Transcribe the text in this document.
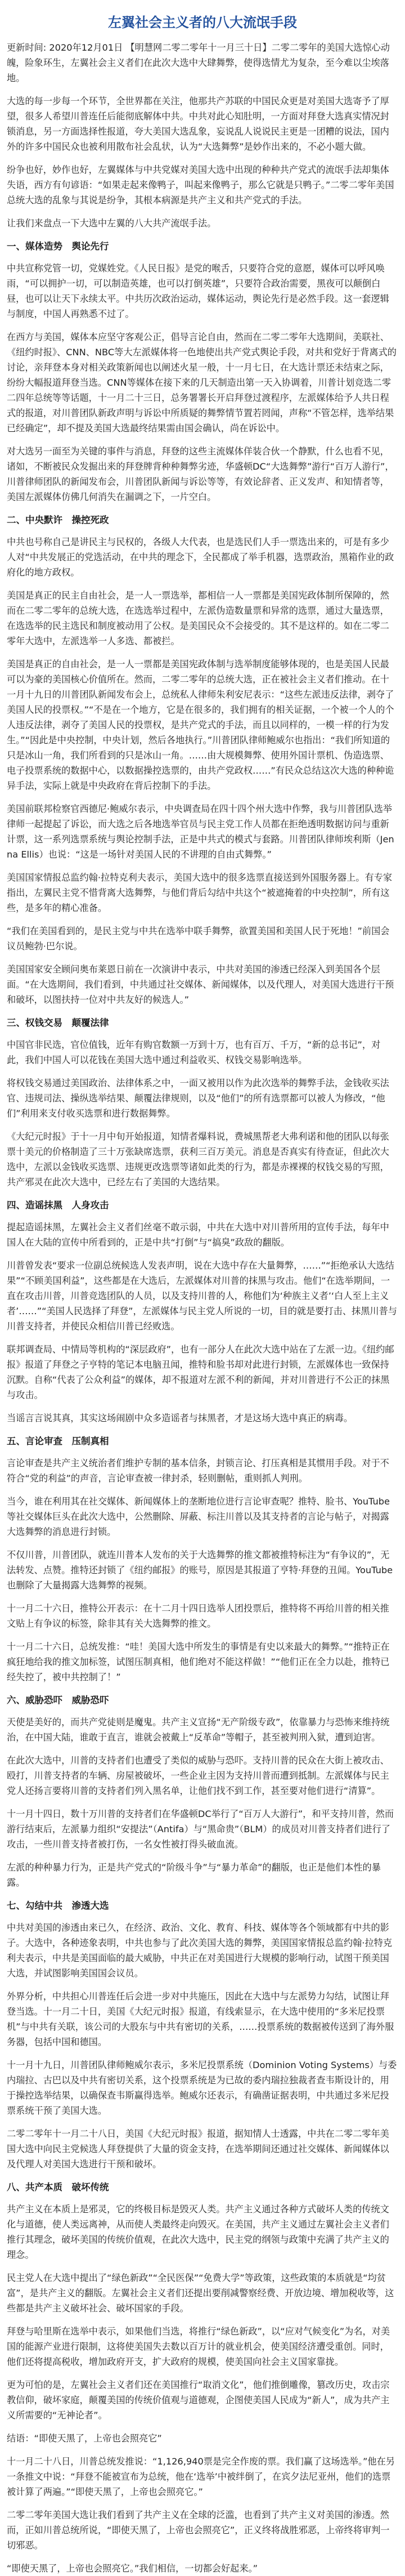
左翼社会主义者的八大流氓手段
更新时间: 2020年12月01日 【明慧网二零二零年十一月三十日】二零二零年的美国大选惊心动魄，险象环生，左翼社会主义者们在此次大选中大肆舞弊，使得选情尤为复杂，至今难以尘埃落地。
大选的每一步每一个环节，全世界都在关注，他那共产苏联的中国民众更是对美国大选寄予了厚望，很多人希望川普连任后能彻底解体中共。中共对此心知肚明，一方面对拜登大选真实情况封锁消息，另一方面选择性报道，夸大美国大选乱象，妄说乱人说说民主更是一团糟的说法，国内外的许多中国民众也被利用散布社会乱状，认为“大选舞弊”是妙作出来的，不必小题大做。
纷争也好，妙作也好，左翼媒体与中共党媒对美国大选中出现的种种共产党式的流氓手法却集体失语，西方有句谚语：“如果走起来像鸭子，叫起来像鸭子，那么它就是只鸭子。”二零二零年美国总统大选的乱象与其说是纷争，其根本病源是共产主义和共产党式的手法。
让我们来盘点一下大选中左翼的八大共产流氓手法。
一、媒体造势　舆论先行
中共宣称党管一切，党媒姓党。《人民日报》是党的喉舌，只要符合党的意愿，媒体可以呼风唤雨，“可以拥护一切，可以制造英雄，也可以打倒英雄”，只要符合政治需要，黑夜可以颠倒白昼，也可以让天下永续太平。中共历次政治运动，媒体运动，舆论先行是必然手段。这一套逻辑与制度，中国人再熟悉不过了。
在西方与美国，媒体本应坚守客观公正，倡导言论自由，然而在二零二零年大选期间，美联社、《纽约时报》、CNN、NBC等大左派媒体将一色地使出共产党式舆论手段，对共和党好于背离式的讨论，亲拜登本身对相关政策新闻也以阐述火星一般，十一月七日，在大选计票还未结束之际，纷纷大幅报道拜登当选。CNN等媒体在接下来的几天制造出第一天入协调着，川普计划竞选二零二四年总统等等话题，十一月二十三日，总务署署长开启拜登过渡程序，左派媒体给予人共日程式的报道，对川普团队新政声明与诉讼中所质疑的舞弊情节置若罔闻，声称“不管怎样，选举结果已经确定”，却不提及美国大选最终结果需由国会确认，尚在诉讼中。
对大选另一面至为关键的事件与消息，拜登的这些主流媒体佯装合伙一个静默，什么也看不见，诸如，不断被民众发掘出来的拜登牌背种种舞弊劣迹，华盛顿DC“大选舞弊”游行“百万人游行”，川普律师团队的新闻发布会，川普团队新闻与诉讼等等，有效论辞者、正义发声、和知情者等，美国左派媒体仿佛几何消失在漏调之下，一片空白。
二、中央默许　操控死政
中共也号称自己是讲民主与民权的，各级人大代表，也是选民们人手一票选出来的，可是有多少人对“中共发展正的党选活动，在中共的理念下，全民都成了举手机器，选票政治，黑箱作业的政府化的地方政权。
美国是真正的民主自由社会，是一人一票选举，都相信一人一票都是美国宪政体制所保障的，然而在二零二零年的总统大选，在选选举过程中，左派伪造数量票和异常的选票，通过大量选票，在选选举的民主选民和制度被动用了公权。是美国民众不会接受的。其不是这样的。如在二零二零年大选中，左派选举一人多选、都被拦。
美国是真正的自由社会，是一人一票都是美国宪政体制与选举制度能够体现的，也是美国人民最可以为豪的美国核心价值所在。然而，二零二零年的总统大选，正在被社会主义者们推动。在十一月十九日的川普团队新闻发布会上，总统私人律师朱利安尼表示：“这些左派违反法律，剥夺了美国人民的投票权。”“不是在一个地方，它是在很多的，我们拥有的相关证据，一个被一个人的个人违反法律，剥夺了美国人民的投票权，是共产党式的手法，而且以同样的，一模一样的行为发生。”“因此是中央控制，中央计划，然后各地执行。”川普团队律师鲍威尔也指出：“我们所知道的只是冰山一角，我们所看到的只是冰山一角。……由大规模舞弊、使用外国计票机、伪造选票、电子投票系统的数据中心，以数据操控选票的，由共产党政权……”有民众总结这次大选的种种诡异手法，实际上就是中央政府在背后控制下的手法。
美国前联邦检察官西德尼·鲍威尔表示，中央调查局在四十四个州大选中作弊，我与川普团队选举律师一起提起了诉讼，而大选之后各地选举官员与民主党工作人员都在拒绝透明数据访问与重新计票，这一系列选票系统与舆论控制手法，正是中共式的模式与套路。川普团队律师埃利斯（Jenna Ellis）也说：“这是一场针对美国人民的不讲理的自由式舞弊。”
美国国家情报总监约翰·拉特克利夫表示，美国大选中的很多选票直接送到外国服务器上。有专家指出，左翼民主党不惜背离大选舞弊，与他们背后勾结中共这个“被遮掩着的中央控制”，所有这些，是多年的精心准备。
“我们在美国看到的，是民主党与中共在选举中联手舞弊，欲置美国和美国人民于死地！”前国会议员鲍勃·巴尔说。
美国国家安全顾问奥布莱恩日前在一次演讲中表示，中共对美国的渗透已经深入到美国各个层面。“在大选期间，我们看到，中共通过社交媒体、新闻媒体，以及代理人，对美国大选进行干预和破坏，以图扶持一位对中共友好的候选人。”
三、权钱交易　颠覆法律
中国官非民选，官位值钱，近年有购官数额一万到十万，也有百万、千万，“新的总书记”，对此，我们中国人可以花钱在美国大选中通过利益收买、权钱交易影响选举。
将权钱交易通过美国政治、法律体系之中，一面又被用以作为此次选举的舞弊手法，金钱收买法官、违规司法、操纵选举结果、颠覆法律规则，以及“他们”的所有选票都可以被人为修改，“他们”利用来支付收买选票和进行数据舞弊。
《大纪元时报》于十一月中旬开始报道，知情者爆料说，费城黑帮老大弗利诺和他的团队以每张票十美元的价格制造了三十万张缺席选票，获利三百万美元。消息是否真实有待查证，但此次大选中，左派以金钱收买选票、违规更改选票等诸如此类的行为，都是赤裸裸的权钱交易的写照，共产邪灵在此次大选中，已经左右了美国的大选结果。
四、造谣抹黑　人身攻击
提起造谣抹黑，左翼社会主义者们丝毫不敢示弱，中共在大选中对川普所用的宣传手法，每年中国人在大陆的宣传中所看到的，正是中共“打倒”与“搞臭”政敌的翻版。
川普曾发表“要求一位副总统候选人发表声明，说在大选中存在大量舞弊，……”“拒绝承认大选结果”“不顾美国利益”，这些都是在大选后，左派媒体对川普的抹黑与攻击。他们“在选举期间，一直在攻击川普，川普竞选团队的人员，以及支持川普的人，称他们为‘种族主义者’‘白人至上主义者’……”“美国人民选择了拜登”，左派媒体与民主党人所说的一切，目的就是要打击、抹黑川普与川普支持者，并使民众相信川普已经败选。
联邦调查局、中情局等机构的“深层政府”，也有一部分人在此次大选中站在了左派一边。《纽约邮报》报道了拜登之子亨特的笔记本电脑丑闻，推特和脸书却对此进行封锁，左派媒体也一致保持沉默。自称“代表了公众利益”的媒体，却不报道对左派不利的新闻，并对川普进行不公正的抹黑与攻击。
当谣言言说其真，其实这场闹剧中众多造谣者与抹黑者，才是这场大选中真正的病毒。
五、言论审查　压制真相
言论审查是共产主义统治者们维护专制的基本信条，封锁言论、打压真相是其惯用手段。对于不符合“党的利益”的声音，言论审查被一律封杀，轻则删帖，重则抓人判刑。
当今，谁在利用其在社交媒体、新闻媒体上的垄断地位进行言论审查呢？推特、脸书、YouTube等社交媒体巨头在此次大选中，公然删除、屏蔽、标注川普以及其支持者的言论与帖子，对揭露大选舞弊的消息进行封锁。
不仅川普，川普团队，就连川普本人发布的关于大选舞弊的推文都被推特标注为“有争议的”，无法转发、点赞。推特还封锁了《纽约邮报》的账号，原因是其报道了亨特·拜登的丑闻。YouTube也删除了大量揭露大选舞弊的视频。
十一月二十六日，推特公开表示：在十二月十四日选举人团投票后，推特将不再给川普的相关推文贴上有争议的标签，除非其有关大选舞弊的推文。
十一月二十六日，总统发推：“哇！美国大选中所发生的事情是有史以来最大的舞弊。”“推特正在疯狂地给我的推文加标签，试图压制真相，他们绝对不能这样做！”“他们正在全力以赴，推特已经失控了，被中共控制了！”
六、威胁恐吓　威胁恐吓
天使是美好的，而共产党徒则是魔鬼。共产主义宣扬“无产阶级专政”，依靠暴力与恐怖来维持统治，在中国大陆，谁敢于直言，谁就会被戴上“反革命”等帽子，甚至被判刑入狱，遭到迫害。
在此次大选中，川普的支持者们也遭受了类似的威胁与恐吓。支持川普的民众在大街上被攻击、殴打，川普支持者的车辆、房屋被破坏，一些企业主因为支持川普而遭到抵制。左派媒体与民主党人还扬言要将川普的支持者们列入黑名单，让他们找不到工作，甚至要对他们进行“清算”。
十一月十四日，数十万川普的支持者们在华盛顿DC举行了“百万人大游行”，和平支持川普，然而游行结束后，左派暴力组织“安提法”（Antifa）与“黑命贵”（BLM）的成员对川普支持者们进行了攻击，一些川普支持者被打伤，一名女性被打得头破血流。
左派的种种暴力行为，正是共产党式的“阶级斗争”与“暴力革命”的翻版，也正是他们本性的暴露。
七、勾结中共　渗透大选
中共对美国的渗透由来已久，在经济、政治、文化、教育、科技、媒体等各个领域都有中共的影子。大选中，各种迹象表明，中共也参与了此次美国大选的舞弊，美国国家情报总监约翰·拉特克利夫表示，中共是美国面临的最大威胁，中共正在对美国进行大规模的影响行动，试图干预美国大选，并试图影响美国国会议员。
外界分析，中共担心川普连任后会进一步对中共施压，因此在大选中与左派势力勾结，试图让拜登当选。十一月二十日，美国《大纪元时报》报道，有线索显示，在大选中使用的“多米尼投票机”与中共有关联，该公司的大股东与中共有密切的关系，……投票系统的数据被传送到了海外服务器，包括中国和德国。
十一月十九日，川普团队律师鲍威尔表示，多米尼投票系统（Dominion Voting Systems）与委内瑞拉、古巴以及中共有密切关系，这个投票系统是为已故的委内瑞拉独裁者查韦斯设计的，用于操控选举结果，以确保查韦斯赢得选举。鲍威尔还表示，有确凿证据表明，中共通过多米尼投票系统干预了美国大选。
二零二零年十一月二十八日，美国《大纪元时报》报道，据知情人士透露，中共在二零二零年美国大选中向民主党候选人拜登提供了大量的资金支持，在选举期间还通过社交媒体、新闻媒体以及代理人对美国大选进行干预和破坏。
八、共产本质　破坏传统
共产主义在本质上是邪灵，它的终极目标是毁灭人类。共产主义通过各种方式破坏人类的传统文化与道德，使人类远离神，从而使人类最终走向毁灭。在美国，共产主义通过左翼社会主义者们推行其理念，破坏美国的传统价值观，在此次大选中，民主党的纲领与政策中充满了共产主义的理念。
民主党人在大选中提出了“绿色新政”“全民医保”“免费大学”等政策，这些政策的本质就是“均贫富”，是共产主义的翻版。左翼社会主义者们还提出要削减警察经费、开放边境、增加税收等，这些都是共产主义破坏社会、破坏国家的手段。
拜登与哈里斯在选举中表示，如果他们当选，将推行“绿色新政”，以“应对气候变化”为名，对美国的能源产业进行限制，这将使美国失去数以百万计的就业机会，使美国经济遭受重创。同时，他们还将提高税收，增加政府开支，扩大政府的规模，使美国向社会主义国家靠拢。
更为可怕的是，左翼社会主义者们还在美国推行“取消文化”，他们推倒雕像，篡改历史，攻击宗教信仰，破坏家庭，颠覆美国的传统价值观与道德观，企图使美国人民成为“新人”，成为共产主义所需要的“无神论者”。
结语：“即使天黑了，上帝也会照亮它”
十一月二十八日，川普总统发推说：“1,126,940票是完全作废的票。我们赢了这场选举。”他在另一条推文中说：“拜登不能被宣布为总统，他在‘选举’中被绊倒了，在宾夕法尼亚州，他们的选票被计算了两遍。”“即使天黑了，上帝也会照亮它。”
二零二零年美国大选让我们看到了共产主义在全球的泛滥，也看到了共产主义对美国的渗透。然而，正如川普总统所说，“即使天黑了，上帝也会照亮它”，正义终将战胜邪恶，上帝终将审判一切邪恶。
“即使天黑了，上帝也会照亮它。”我们相信，一切都会好起来。”
